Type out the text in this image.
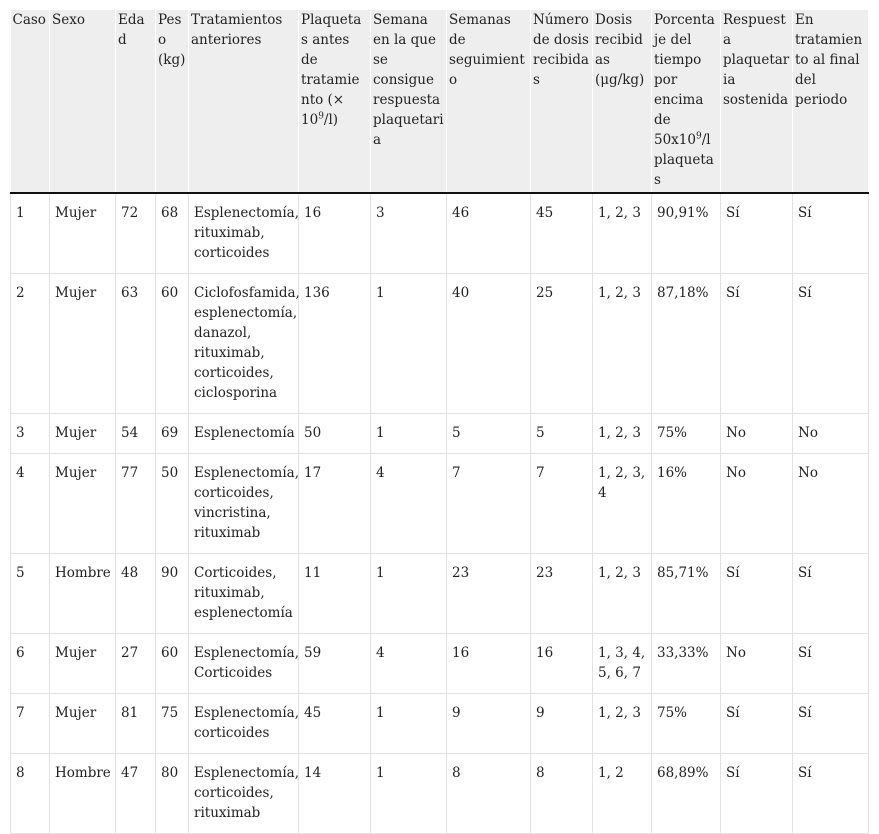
Caso	Sexo	Edad	Peso (kg)	Tratamientos anteriores	Plaquetas antes de tratamiento (× $10^9/l$)	Semana en la que se consigue respuesta plaquetaria	Semanas de seguimiento	Número de dosis recibidas	Dosis recibidas (μg/kg)	Porcentaje del tiempo por encima de $50x10^9/l$ plaquetas	Respuesta plaquetaria sostenida	En tratamiento al final del periodo
1	Mujer	72	68	Esplenectomía, rituximab, corticoides	16	3	46	45	1, 2, 3	90,91%	Sí	Sí
2	Mujer	63	60	Ciclofosfamida, esplenectomía, danazol, rituximab, corticoides, ciclosporina	136	1	40	25	1, 2, 3	87,18%	Sí	Sí
3	Mujer	54	69	Esplenectomía	50	1	5	5	1, 2, 3	75%	No	No
4	Mujer	77	50	Esplenectomía, corticoides, vincristina, rituximab	17	4	7	7	1, 2, 3, 4	16%	No	No
5	Hombre	48	90	Corticoides, rituximab, esplenectomía	11	1	23	23	1, 2, 3	85,71%	Sí	Sí
6	Mujer	27	60	Esplenectomía, Corticoides	59	4	16	16	1, 3, 4, 5, 6, 7	33,33%	No	Sí
7	Mujer	81	75	Esplenectomía, corticoides	45	1	9	9	1, 2, 3	75%	Sí	Sí
8	Hombre	47	80	Esplenectomía, corticoides, rituximab	14	1	8	8	1, 2	68,89%	Sí	Sí
